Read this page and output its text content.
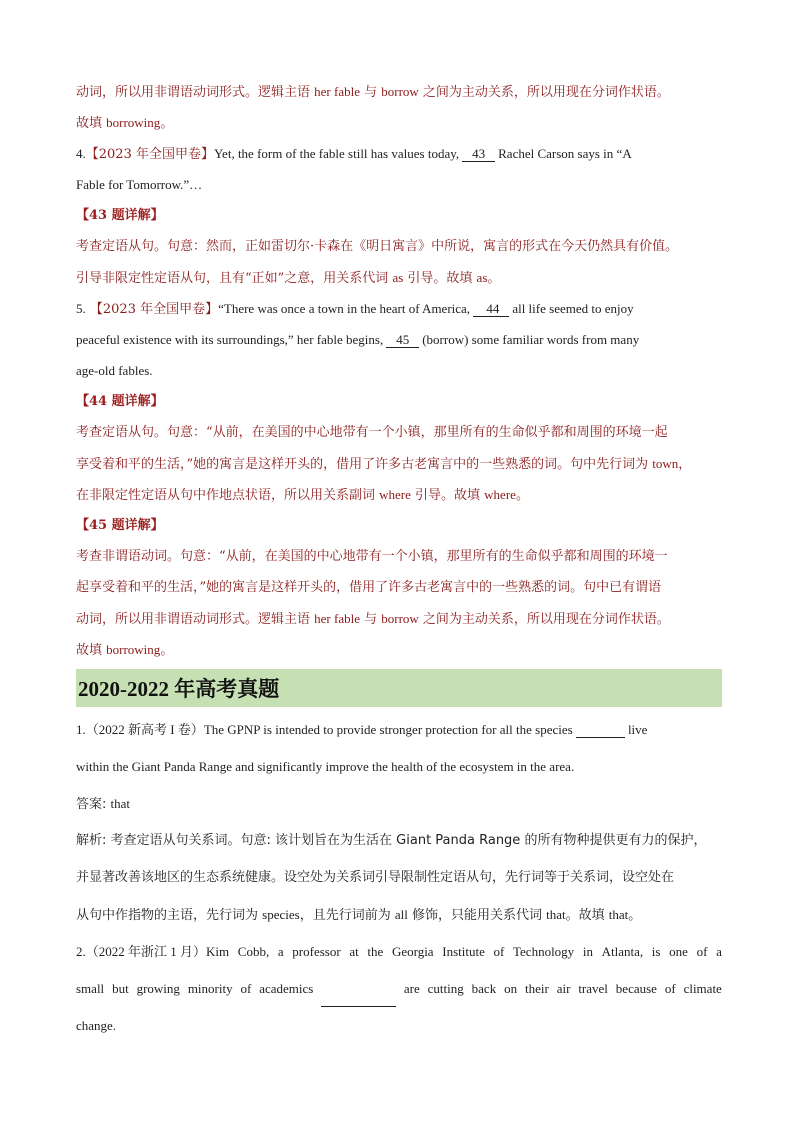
动词，所以用非谓语动词形式。逻辑主语 her fable 与 borrow 之间为主动关系，所以用现在分词作状语。
故填 borrowing。
4.【2023 年全国甲卷】Yet, the form of the fable still has values today,    43    Rachel Carson says in “A
Fable for Tomorrow.”…
【43 题详解】
考查定语从句。句意：然而，正如雷切尔·卡森在《明日寓言》中所说，寓言的形式在今天仍然具有价值。
引导非限定性定语从句，且有“正如”之意，用关系代词 as 引导。故填 as。
5. 【2023 年全国甲卷】“There was once a town in the heart of America,     44    all life seemed to enjoy
peaceful existence with its surroundings,” her fable begins,    45    (borrow) some familiar words from many
age-old fables.
【44 题详解】
考查定语从句。句意：“从前，在美国的中心地带有一个小镇，那里所有的生命似乎都和周围的环境一起
享受着和平的生活，”她的寓言是这样开头的，借用了许多古老寓言中的一些熟悉的词。句中先行词为 town，
在非限定性定语从句中作地点状语，所以用关系副词 where 引导。故填 where。
【45 题详解】
考查非谓语动词。句意：“从前，在美国的中心地带有一个小镇，那里所有的生命似乎都和周围的环境一
起享受着和平的生活，”她的寓言是这样开头的，借用了许多古老寓言中的一些熟悉的词。句中已有谓语
动词，所以用非谓语动词形式。逻辑主语 her fable 与 borrow 之间为主动关系，所以用现在分词作状语。
故填 borrowing。
2020-2022 年高考真题
1.（2022 新高考 I 卷）The GPNP is intended to provide stronger protection for all the species	live
within the Giant Panda Range and significantly improve the health of the ecosystem in the area.
答案: that
解析: 考查定语从句关系词。句意: 该计划旨在为生活在 Giant Panda Range 的所有物种提供更有力的保护，
并显著改善该地区的生态系统健康。设空处为关系词引导限制性定语从句，先行词等于关系词，设空处在
从句中作指物的主语，先行词为 species，且先行词前为 all 修饰，只能用关系代词 that。故填 that。
2.（2022 年浙江 1 月）Kim Cobb, a professor at the Georgia Institute of Technology in Atlanta, is one of a
small but growing minority of academics
	are cutting back on their air travel because of climate
change.
